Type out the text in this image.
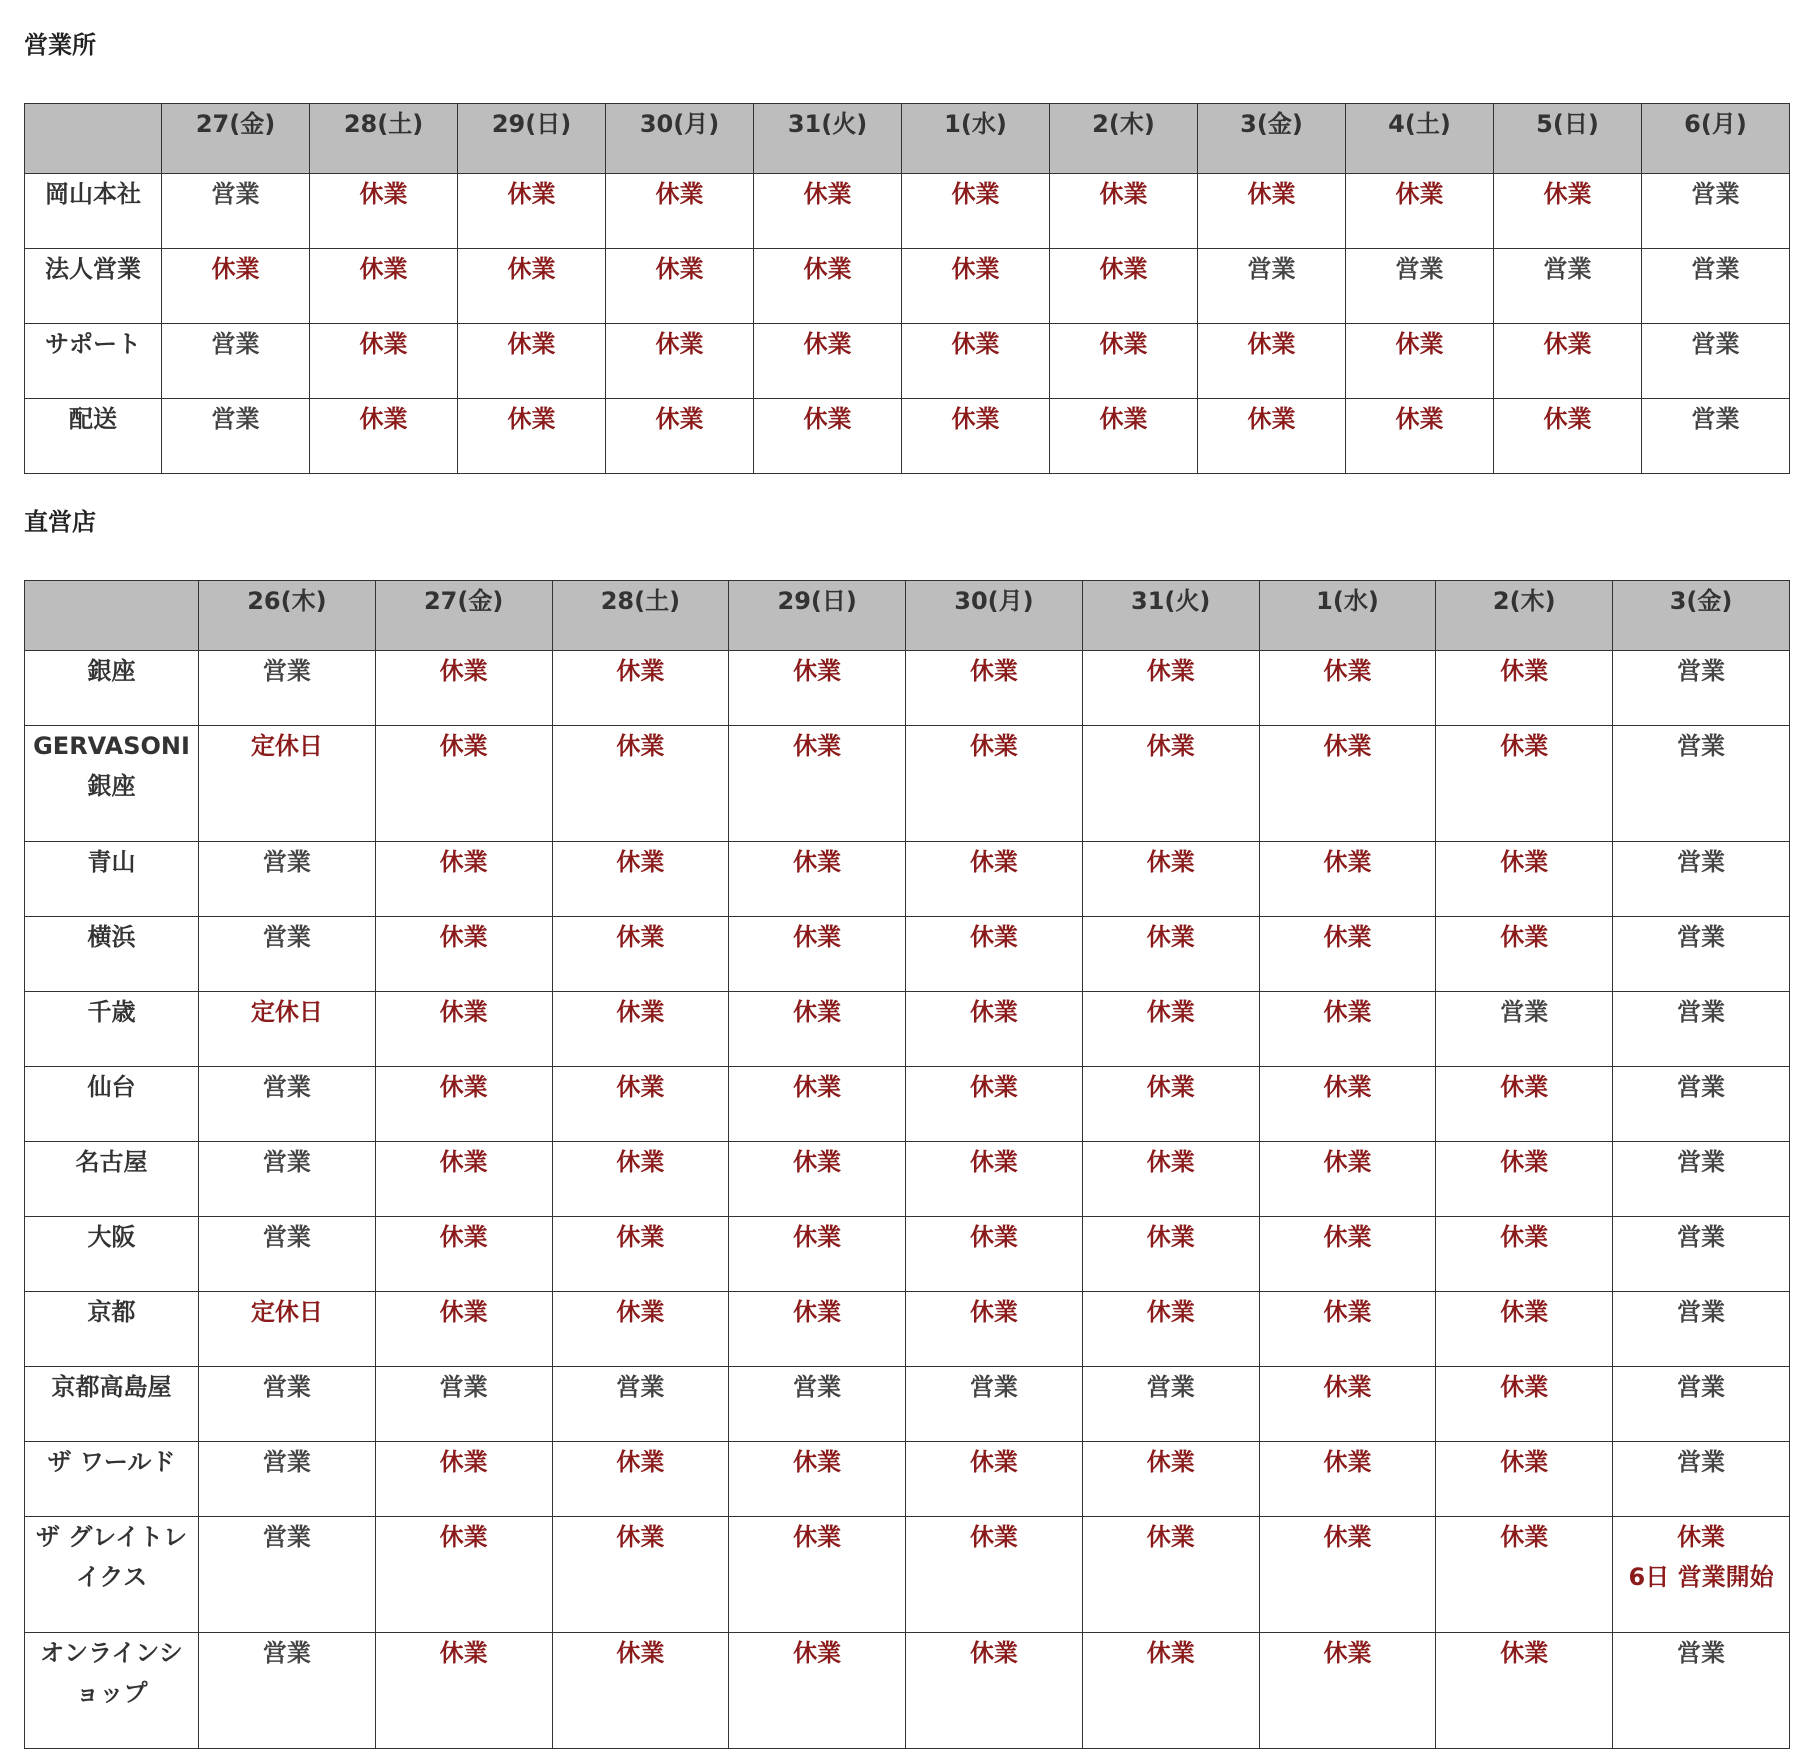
営業所
	27(金)	28(土)	29(日)	30(月)	31(火)	1(水)	2(木)	3(金)	4(土)	5(日)	6(月)
岡山本社	営業	休業	休業	休業	休業	休業	休業	休業	休業	休業	営業
法人営業	休業	休業	休業	休業	休業	休業	休業	営業	営業	営業	営業
サポート	営業	休業	休業	休業	休業	休業	休業	休業	休業	休業	営業
配送	営業	休業	休業	休業	休業	休業	休業	休業	休業	休業	営業
直営店
	26(木)	27(金)	28(土)	29(日)	30(月)	31(火)	1(水)	2(木)	3(金)
銀座	営業	休業	休業	休業	休業	休業	休業	休業	営業
GERVASONI 銀座	定休日	休業	休業	休業	休業	休業	休業	休業	営業
青山	営業	休業	休業	休業	休業	休業	休業	休業	営業
横浜	営業	休業	休業	休業	休業	休業	休業	休業	営業
千歳	定休日	休業	休業	休業	休業	休業	休業	営業	営業
仙台	営業	休業	休業	休業	休業	休業	休業	休業	営業
名古屋	営業	休業	休業	休業	休業	休業	休業	休業	営業
大阪	営業	休業	休業	休業	休業	休業	休業	休業	営業
京都	定休日	休業	休業	休業	休業	休業	休業	休業	営業
京都高島屋	営業	営業	営業	営業	営業	営業	休業	休業	営業
ザ ワールド	営業	休業	休業	休業	休業	休業	休業	休業	営業
ザ グレイトレイクス	営業	休業	休業	休業	休業	休業	休業	休業	休業
6日 営業開始

オンラインショップ	営業	休業	休業	休業	休業	休業	休業	休業	営業
